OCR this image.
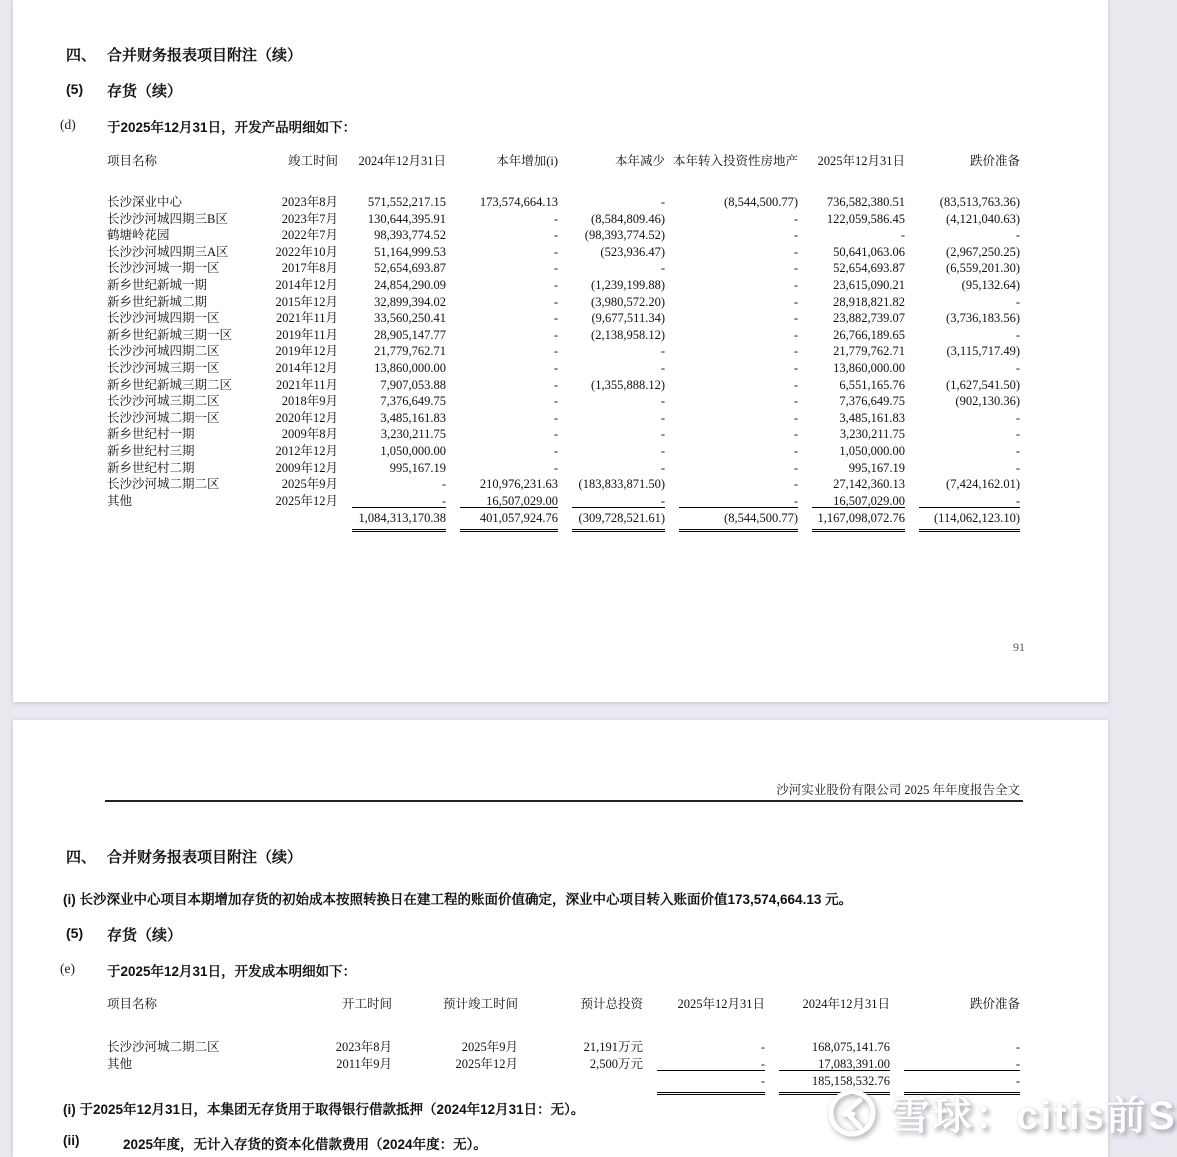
四、 合并财务报表项目附注（续）
(5) 存货（续）
(d) 于2025年12月31日，开发产品明细如下：
项目名称	竣工时间	2024年12月31日	本年增加(i)	本年减少	本年转入投资性房地产	2025年12月31日	跌价准备
长沙深业中心	2023年8月	571,552,217.15	173,574,664.13	-	(8,544,500.77)	736,582,380.51	(83,513,763.36)
长沙沙河城四期三B区	2023年7月	130,644,395.91	-	(8,584,809.46)	-	122,059,586.45	(4,121,040.63)
鹤塘岭花园	2022年7月	98,393,774.52	-	(98,393,774.52)	-	-	-
长沙沙河城四期三A区	2022年10月	51,164,999.53	-	(523,936.47)	-	50,641,063.06	(2,967,250.25)
长沙沙河城一期一区	2017年8月	52,654,693.87	-	-	-	52,654,693.87	(6,559,201.30)
新乡世纪新城一期	2014年12月	24,854,290.09	-	(1,239,199.88)	-	23,615,090.21	(95,132.64)
新乡世纪新城二期	2015年12月	32,899,394.02	-	(3,980,572.20)	-	28,918,821.82	-
长沙沙河城四期一区	2021年11月	33,560,250.41	-	(9,677,511.34)	-	23,882,739.07	(3,736,183.56)
新乡世纪新城三期一区	2019年11月	28,905,147.77	-	(2,138,958.12)	-	26,766,189.65	-
长沙沙河城四期二区	2019年12月	21,779,762.71	-	-	-	21,779,762.71	(3,115,717.49)
长沙沙河城三期一区	2014年12月	13,860,000.00	-	-	-	13,860,000.00	-
新乡世纪新城三期二区	2021年11月	7,907,053.88	-	(1,355,888.12)	-	6,551,165.76	(1,627,541.50)
长沙沙河城三期二区	2018年9月	7,376,649.75	-	-	-	7,376,649.75	(902,130.36)
长沙沙河城二期一区	2020年12月	3,485,161.83	-	-	-	3,485,161.83	-
新乡世纪村一期	2009年8月	3,230,211.75	-	-	-	3,230,211.75	-
新乡世纪村三期	2012年12月	1,050,000.00	-	-	-	1,050,000.00	-
新乡世纪村二期	2009年12月	995,167.19	-	-	-	995,167.19	-
长沙沙河城二期二区	2025年9月	-	210,976,231.63	(183,833,871.50)	-	27,142,360.13	(7,424,162.01)
其他	2025年12月	-	16,507,029.00	-	-	16,507,029.00	-
		1,084,313,170.38	401,057,924.76	(309,728,521.61)	(8,544,500.77)	1,167,098,072.76	(114,062,123.10)
91
沙河实业股份有限公司 2025 年年度报告全文
四、 合并财务报表项目附注（续）
(i) 长沙深业中心项目本期增加存货的初始成本按照转换日在建工程的账面价值确定，深业中心项目转入账面价值173,574,664.13 元。
(5) 存货（续）
(e) 于2025年12月31日，开发成本明细如下：
项目名称	开工时间	预计竣工时间	预计总投资	2025年12月31日	2024年12月31日	跌价准备
长沙沙河城二期二区	2023年8月	2025年9月	21,191万元	-	168,075,141.76	-
其他	2011年9月	2025年12月	2,500万元	-	17,083,391.00	-
				-	185,158,532.76	-
(i) 于2025年12月31日，本集团无存货用于取得银行借款抵押（2024年12月31日：无）。
(ii)	2025年度，无计入存货的资本化借款费用（2024年度：无）。
雪球：citis前S
